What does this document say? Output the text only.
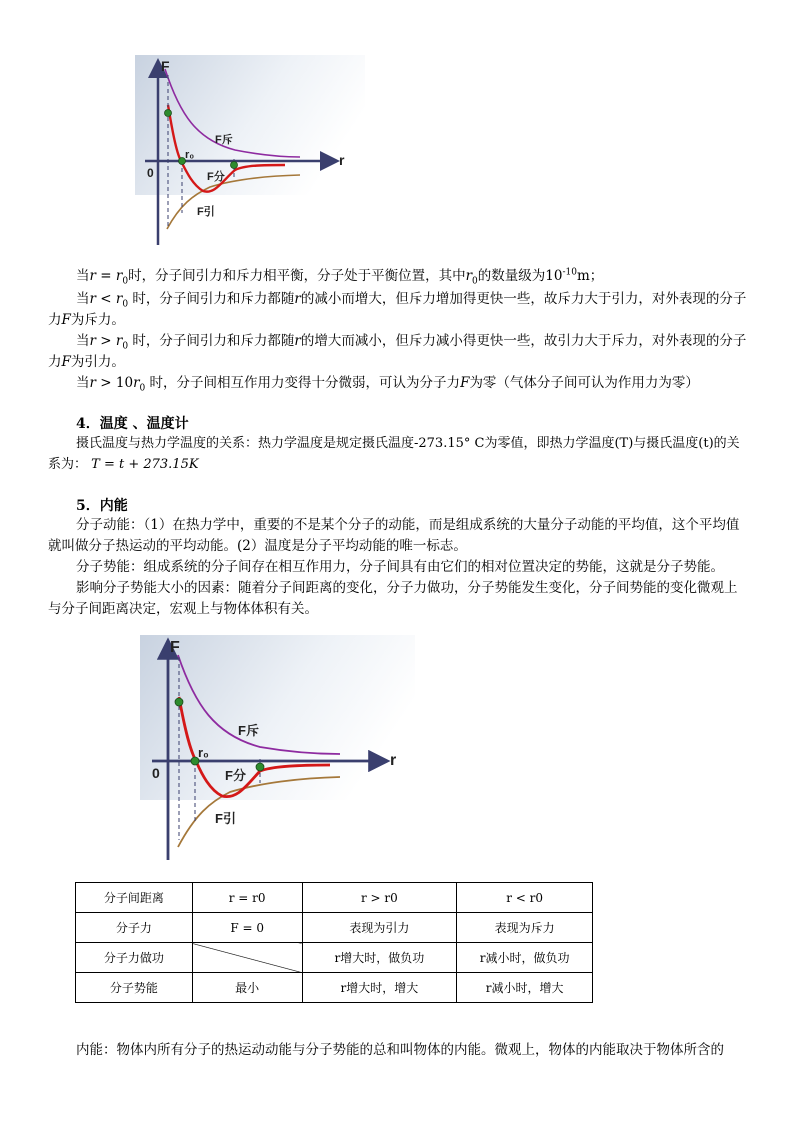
F
r
0
r₀
F斥
F分
F引

当$r = r_0$时，分子间引力和斥力相平衡，分子处于平衡位置，其中$r_0$的数量级为$10^{-10}m$；

当$r < r_0$ 时，分子间引力和斥力都随r的减小而增大，但斥力增加得更快一些，故斥力大于引力，对外表现的分子力F为斥力。

当$r > r_0$ 时，分子间引力和斥力都随r的增大而减小，但斥力减小得更快一些，故引力大于斥力，对外表现的分子力F为引力。

当$r > 10r_0$ 时，分子间相互作用力变得十分微弱，可认为分子力F为零（气体分子间可认为作用力为零）

4．温度 、温度计

摄氏温度与热力学温度的关系：热力学温度是规定摄氏温度-273.15° C为零值，即热力学温度(T)与摄氏温度(t)的关系为： T = t + 273.15K

5．内能

分子动能：（1）在热力学中，重要的不是某个分子的动能，而是组成系统的大量分子动能的平均值，这个平均值就叫做分子热运动的平均动能。(2）温度是分子平均动能的唯一标志。

分子势能：组成系统的分子间存在相互作用力，分子间具有由它们的相对位置决定的势能，这就是分子势能。

影响分子势能大小的因素：随着分子间距离的变化，分子力做功，分子势能发生变化，分子间势能的变化微观上与分子间距离决定，宏观上与物体体积有关。

F
r
0
r₀
F斥
F分
F引
分子间距离	r = r0	r > r0	r < r0
分子力	F = 0	表现为引力	表现为斥力
分子力做功		r增大时，做负功	r减小时，做负功
分子势能	最小	r增大时，增大	r减小时，增大

内能：物体内所有分子的热运动动能与分子势能的总和叫物体的内能。微观上，物体的内能取决于物体所含的
